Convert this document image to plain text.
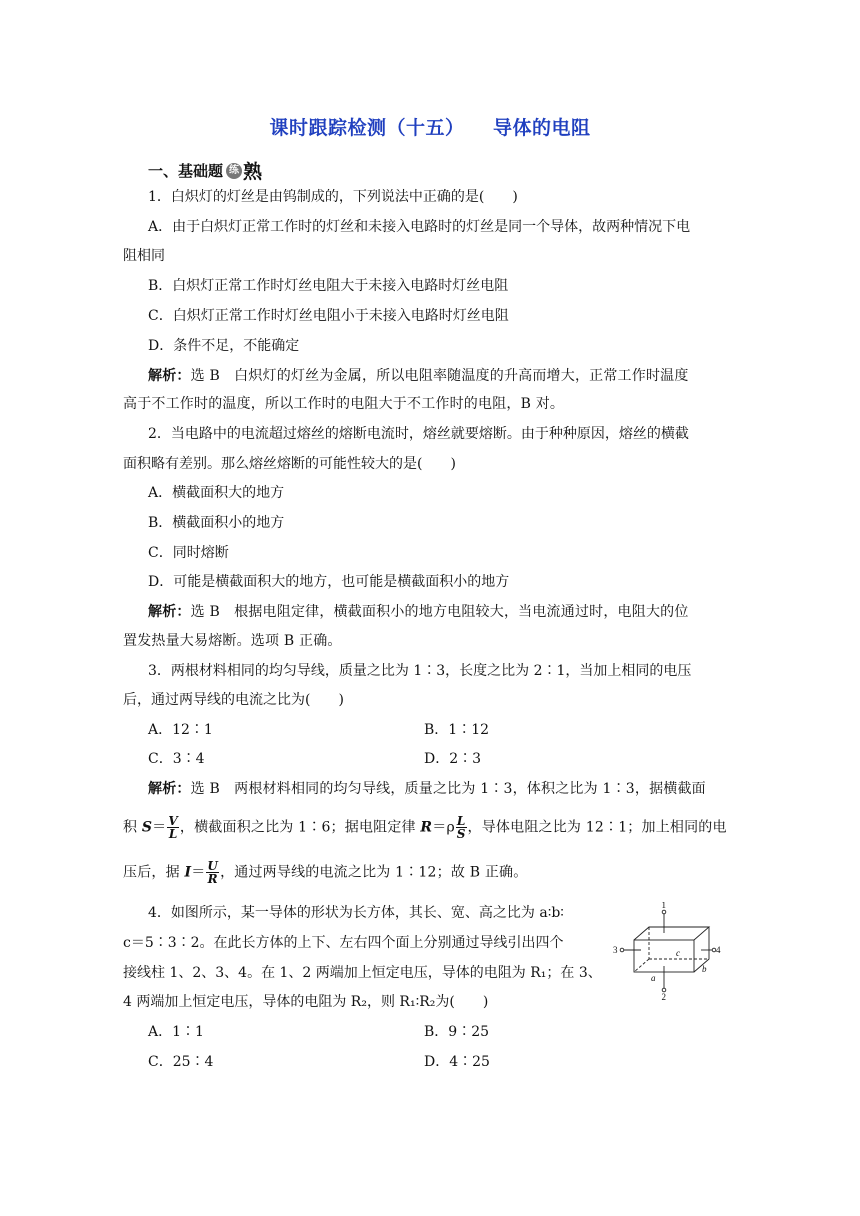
课时跟踪检测（十五）    导体的电阻
一、基础题 练 熟
1．白炽灯的灯丝是由钨制成的，下列说法中正确的是(　　)
A．由于白炽灯正常工作时的灯丝和未接入电路时的灯丝是同一个导体，故两种情况下电
阻相同
B．白炽灯正常工作时灯丝电阻大于未接入电路时灯丝电阻
C．白炽灯正常工作时灯丝电阻小于未接入电路时灯丝电阻
D．条件不足，不能确定
解析：选 B　白炽灯的灯丝为金属，所以电阻率随温度的升高而增大，正常工作时温度
高于不工作时的温度，所以工作时的电阻大于不工作时的电阻，B 对。
2．当电路中的电流超过熔丝的熔断电流时，熔丝就要熔断。由于种种原因，熔丝的横截
面积略有差别。那么熔丝熔断的可能性较大的是(　　)
A．横截面积大的地方
B．横截面积小的地方
C．同时熔断
D．可能是横截面积大的地方，也可能是横截面积小的地方
解析：选 B　根据电阻定律，横截面积小的地方电阻较大，当电流通过时，电阻大的位
置发热量大易熔断。选项 B 正确。
3．两根材料相同的均匀导线，质量之比为 1∶3，长度之比为 2∶1，当加上相同的电压
后，通过两导线的电流之比为(　　)
A．12∶1	B．1∶12
C．3∶4	D．2∶3
解析：选 B　两根材料相同的均匀导线，质量之比为 1∶3，体积之比为 1∶3，据横截面
积 $S= \frac{V}{L}$ ，横截面积之比为 1∶6；据电阻定律 $R=\rho \frac{L}{S}$ ，导体电阻之比为 12∶1；加上相同的电
压后，据 $I= \frac{U}{R}$ ，通过两导线的电流之比为 1∶12；故 B 正确。
4．如图所示，某一导体的形状为长方体，其长、宽、高之比为 a∶b∶
c＝5∶3∶2。在此长方体的上下、左右四个面上分别通过导线引出四个
接线柱 1、2、3、4。在 1、2 两端加上恒定电压，导体的电阻为 R₁；在 3、
4 两端加上恒定电压，导体的电阻为 R₂，则 R₁∶R₂为(　　)
A．1∶1	B．9∶25
C．25∶4	D．4∶25
1
2
3	4
a
b
c
